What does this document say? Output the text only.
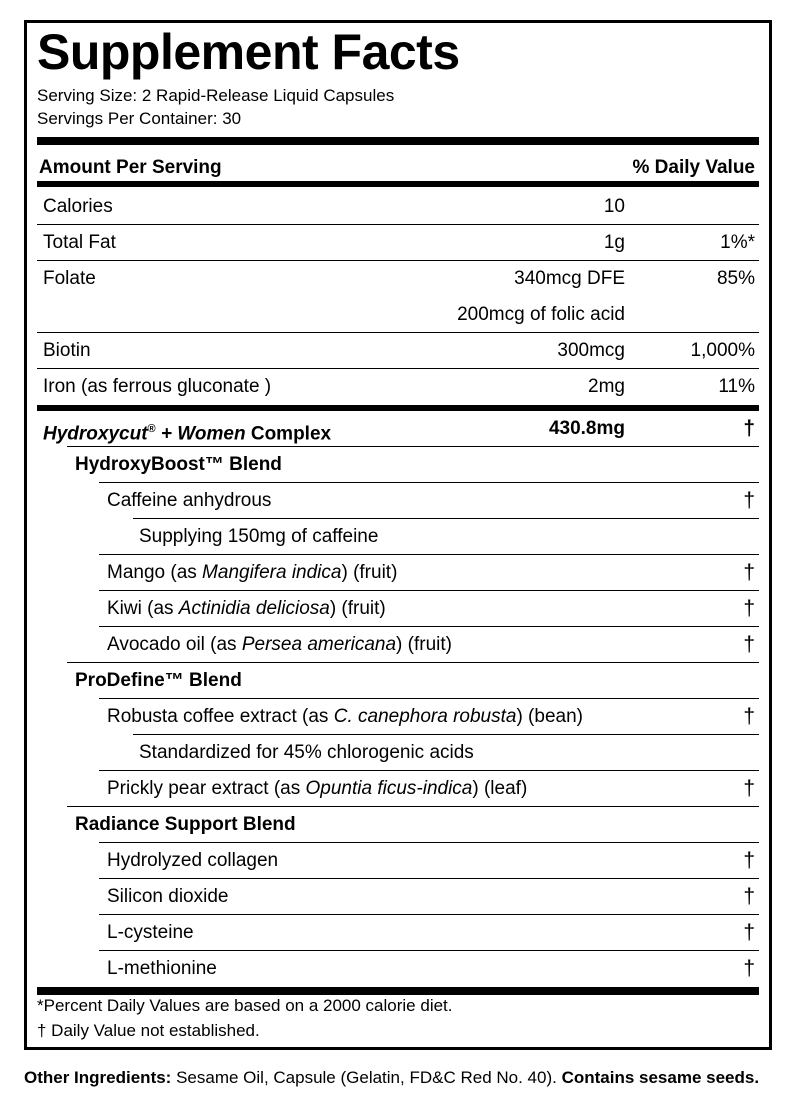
Supplement Facts
Serving Size: 2 Rapid-Release Liquid Capsules
Servings Per Container: 30
Amount Per Serving	% Daily Value
Calories	10
Total Fat	1g	1%*
Folate	340mcg DFE	85%
200mcg of folic acid
Biotin	300mcg	1,000%
Iron (as ferrous gluconate )	2mg	11%
Hydroxycut® + Women Complex	430.8mg	†
HydroxyBoost™ Blend
Caffeine anhydrous	†
Supplying 150mg of caffeine
Mango (as Mangifera indica) (fruit)	†
Kiwi (as Actinidia deliciosa) (fruit)	†
Avocado oil (as Persea americana) (fruit)	†
ProDefine™ Blend
Robusta coffee extract (as C. canephora robusta) (bean)	†
Standardized for 45% chlorogenic acids
Prickly pear extract (as Opuntia ficus-indica) (leaf)	†
Radiance Support Blend
Hydrolyzed collagen	†
Silicon dioxide	†
L-cysteine	†
L-methionine	†
*Percent Daily Values are based on a 2000 calorie diet.
† Daily Value not established.
Other Ingredients: Sesame Oil, Capsule (Gelatin, FD&C Red No. 40). Contains sesame seeds.
